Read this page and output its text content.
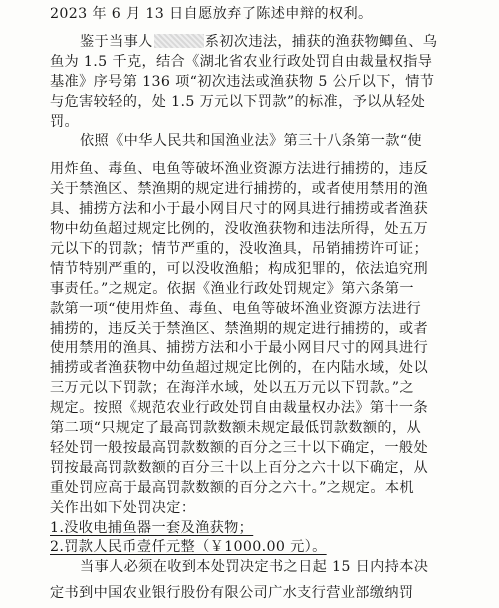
2023 年 6 月 13 日自愿放弃了陈述申辩的权利。
鉴于当事人	系初次违法，捕获的渔获物鲫鱼、乌
鱼为 1.5 千克，结合《湖北省农业行政处罚自由裁量权指导
基准》序号第 136 项“初次违法或渔获物 5 公斤以下，情节
与危害较轻的，处 1.5 万元以下罚款”的标准，予以从轻处
罚。
依照《中华人民共和国渔业法》第三十八条第一款“使
用炸鱼、毒鱼、电鱼等破坏渔业资源方法进行捕捞的，违反
关于禁渔区、禁渔期的规定进行捕捞的，或者使用禁用的渔
具、捕捞方法和小于最小网目尺寸的网具进行捕捞或者渔获
物中幼鱼超过规定比例的，没收渔获物和违法所得，处五万
元以下的罚款；情节严重的，没收渔具，吊销捕捞许可证；
情节特别严重的，可以没收渔船；构成犯罪的，依法追究刑
事责任。”之规定。依据《渔业行政处罚规定》第六条第一
款第一项“使用炸鱼、毒鱼、电鱼等破坏渔业资源方法进行
捕捞的，违反关于禁渔区、禁渔期的规定进行捕捞的，或者
使用禁用的渔具、捕捞方法和小于最小网目尺寸的网具进行
捕捞或者渔获物中幼鱼超过规定比例的，在内陆水域，处以
三万元以下罚款；在海洋水域，处以五万元以下罚款。”之
规定。按照《规范农业行政处罚自由裁量权办法》第十一条
第二项“只规定了最高罚款数额未规定最低罚款数额的，从
轻处罚一般按最高罚款数额的百分之三十以下确定，一般处
罚按最高罚款数额的百分三十以上百分之六十以下确定，从
重处罚应高于最高罚款数额的百分之六十。”之规定。本机
关作出如下处罚决定：
1.没收电捕鱼器一套及渔获物；
2.罚款人民币壹仟元整（￥1000.00 元）。
当事人必须在收到本处罚决定书之日起 15 日内持本决
定书到中国农业银行股份有限公司广水支行营业部缴纳罚
